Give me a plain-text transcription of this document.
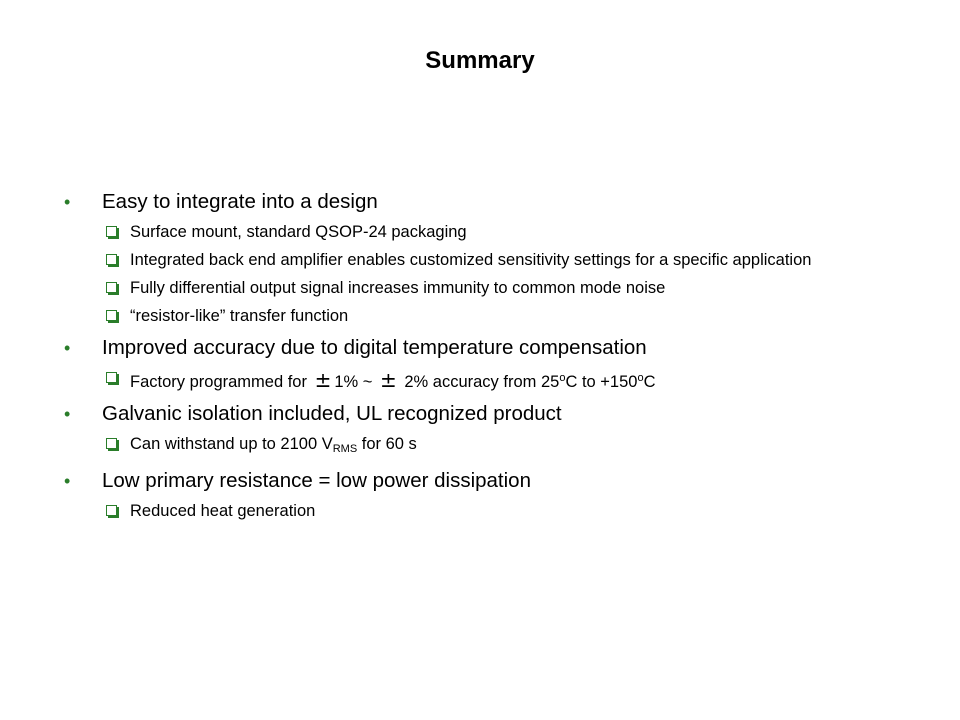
Summary
• Easy to integrate into a design
Surface mount, standard QSOP-24 packaging
Integrated back end amplifier enables customized sensitivity settings for a specific application
Fully differential output signal increases immunity to common mode noise
“resistor-like” transfer function
• Improved accuracy due to digital temperature compensation
Factory programmed for ± 1% ~ ± 2% accuracy from 25$^o$C to $+150^oC$
• Galvanic isolation included, UL recognized product
Can withstand up to 2100 VRMS for 60 s
• Low primary resistance = low power dissipation
Reduced heat generation
